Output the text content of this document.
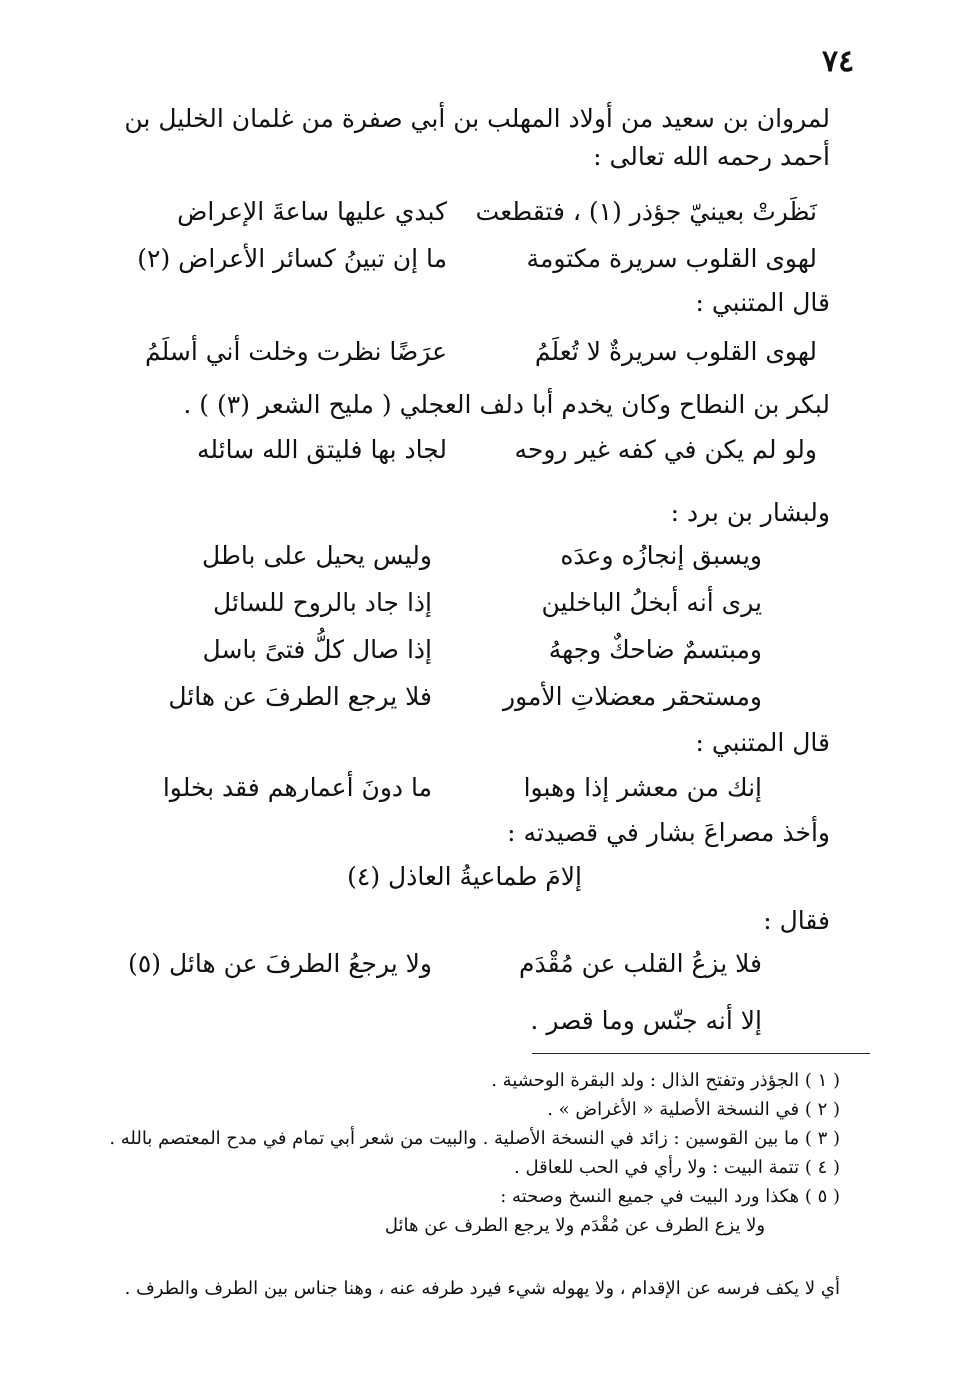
٧٤
لمروان بن سعيد من أولاد المهلب بن أبي صفرة من غلمان الخليل بن أحمد رحمه الله تعالى :
نَظَرتْ بعينيّ جؤذر (١) ، فتقطعت
كبدي عليها ساعةَ الإعراض
لهوى القلوب سريرة مكتومة
ما إن تبينُ كسائر الأعراض (٢)
قال المتنبي :
لهوى القلوب سريرةٌ لا تُعلَمُ
عرَضًا نظرت وخلت أني أسلَمُ
لبكر بن النطاح وكان يخدم أبا دلف العجلي ( مليح الشعر (٣) ) .
ولو لم يكن في كفه غير روحه
لجاد بها فليتق الله سائله
ولبشار بن برد :
ويسبق إنجازُه وعدَه
وليس يحيل على باطل
يرى أنه أبخلُ الباخلين
إذا جاد بالروح للسائل
ومبتسمٌ ضاحكٌ وجههُ
إذا صال كلُّ فتىً باسل
ومستحقر معضلاتِ الأمور
فلا يرجع الطرفَ عن هائل
قال المتنبي :
إنك من معشر إذا وهبوا
ما دونَ أعمارهم فقد بخلوا
وأخذ مصراعَ بشار في قصيدته :
إلامَ طماعيةُ العاذل (٤)
فقال :
فلا يزعُ القلب عن مُقْدَم
ولا يرجعُ الطرفَ عن هائل (٥)
إلا أنه جنّس وما قصر .
( ١ ) الجؤذر وتفتح الذال : ولد البقرة الوحشية .
( ٢ ) في النسخة الأصلية « الأغراض » .
( ٣ ) ما بين القوسين : زائد في النسخة الأصلية . والبيت من شعر أبي تمام في مدح المعتصم بالله .
( ٤ ) تتمة البيت : ولا رأي في الحب للعاقل .
( ٥ ) هكذا ورد البيت في جميع النسخ وصحته :
ولا يزع الطرف عن مُقْدَم ولا يرجع الطرف عن هائل
أي لا يكف فرسه عن الإقدام ، ولا يهوله شيء فيرد طرفه عنه ، وهنا جناس بين الطرف والطرف .
